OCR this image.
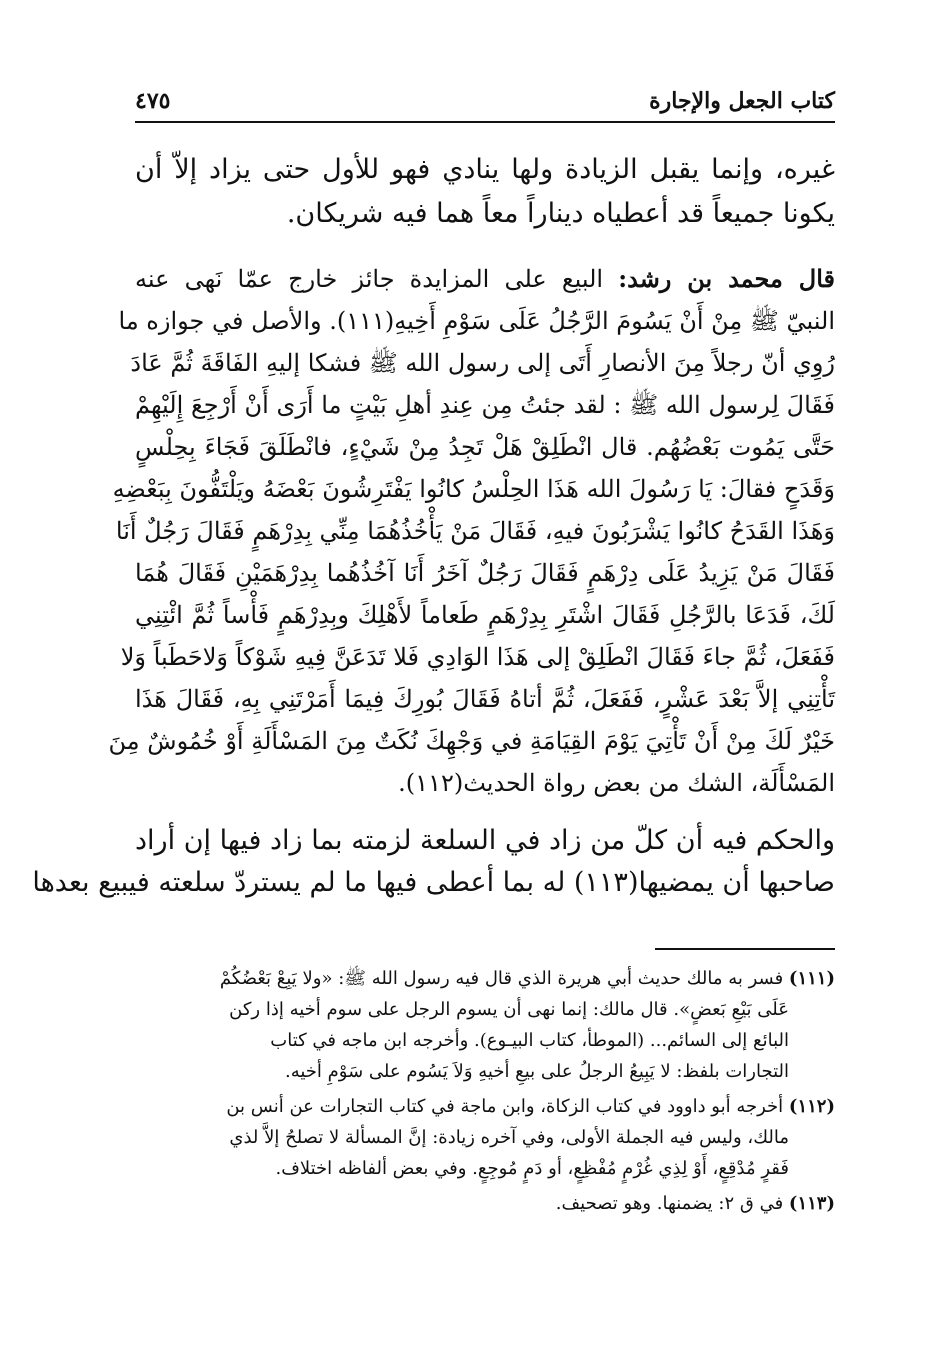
كتاب الجعل والإجارة
٤٧٥
غيره، وإنما يقبل الزيادة ولها ينادي فهو للأول حتى يزاد إلاّ أن
يكونا جميعاً قد أعطياه ديناراً معاً هما فيه شريكان.
قال محمد بن رشد: البيع على المزايدة جائز خارج عمّا نَهى عنه
النبيّ ﷺ مِنْ أَنْ يَسُومَ الرَّجُلُ عَلَى سَوْمِ أَخِيهِ(١١١). والأصل في جوازه ما
رُوِي أنّ رجلاً مِنَ الأنصارِ أَتَى إلى رسول الله ﷺ فشكا إليهِ الفَاقَةَ ثُمَّ عَادَ
فَقَالَ لِرسول الله ﷺ : لقد جئتُ مِن عِندِ أهلِ بَيْتٍ ما أَرَى أَنْ أَرْجِعَ إِلَيْهِمْ
حَتَّى يَمُوت بَعْضُهُم. قال انْطَلِقْ هَلْ تَجِدُ مِنْ شَيْءٍ، فانْطَلَقَ فَجَاءَ بِحِلْسٍ
وَقَدَحٍ فقالَ: يَا رَسُولَ الله هَذَا الحِلْسُ كانُوا يَفْتَرِشُونَ بَعْضَهُ ويَلْتَفُّونَ بِبَعْضِهِ
وَهَذَا القَدَحُ كانُوا يَشْرَبُونَ فيهِ، فَقَالَ مَنْ يَأْخُذُهُمَا مِنِّي بِدِرْهَمٍ فَقَالَ رَجُلٌ أَنَا
فَقَالَ مَنْ يَزِيدُ عَلَى دِرْهَمٍ فَقَالَ رَجُلٌ آخَرُ أَنَا آخُذُهُما بِدِرْهَمَيْنِ فَقَالَ هُمَا
لَكَ، فَدَعَا بالرَّجُلِ فَقَالَ اشْتَرِ بِدِرْهَمٍ طَعاماً لأَهْلِكَ وبِدِرْهَمٍ فَأْساً ثُمَّ ائْتِنِي
فَفَعَلَ، ثُمَّ جاءَ فَقَالَ انْطَلِقْ إلى هَذَا الوَادِي فَلا تَدَعَنَّ فِيهِ شَوْكاً وَلاحَطَباً وَلا
تَأْتِنِي إلاَّ بَعْدَ عَشْرٍ، فَفَعَلَ، ثُمَّ أتاهُ فَقَالَ بُورِكَ فِيمَا أَمَرْتَنِي بِهِ، فَقَالَ هَذَا
خَيْرٌ لَكَ مِنْ أَنْ تَأْتِيَ يَوْمَ القِيَامَةِ في وَجْهِكَ نُكَتٌ مِنَ المَسْأَلَةِ أَوْ خُمُوشٌ مِنَ
المَسْأَلَة، الشك من بعض رواة الحديث(١١٢).
والحكم فيه أن كلّ من زاد في السلعة لزمته بما زاد فيها إن أراد
صاحبها أن يمضيها(١١٣) له بما أعطى فيها ما لم يستردّ سلعته فيبيع بعدها
(١١١) فسر به مالك حديث أبي هريرة الذي قال فيه رسول الله ﷺ: «ولا يَبِعْ بَعْضُكُمْ
عَلَى بَيْعِ بَعضٍ». قال مالك: إنما نهى أن يسوم الرجل على سوم أخيه إذا ركن
البائع إلى السائم... (الموطأ، كتاب البيـوع). وأخرجه ابن ماجه في كتاب
التجارات بلفظ: لا يَبِيعُ الرجلُ على بيعِ أخيهِ وَلاَ يَسُوم على سَوْمِ أخيه.
(١١٢) أخرجه أبو داوود في كتاب الزكاة، وابن ماجة في كتاب التجارات عن أنس بن
مالك، وليس فيه الجملة الأولى، وفي آخره زيادة: إنَّ المسألة لا تصلحُ إلاَّ لذي
فَقرٍ مُدْقِعٍ، أَوْ لِذِي غُرْمٍ مُفْظِعٍ، أو دَمٍ مُوجِعٍ. وفي بعض ألفاظه اختلاف.
(١١٣) في ق ٢: يضمنها. وهو تصحيف.
